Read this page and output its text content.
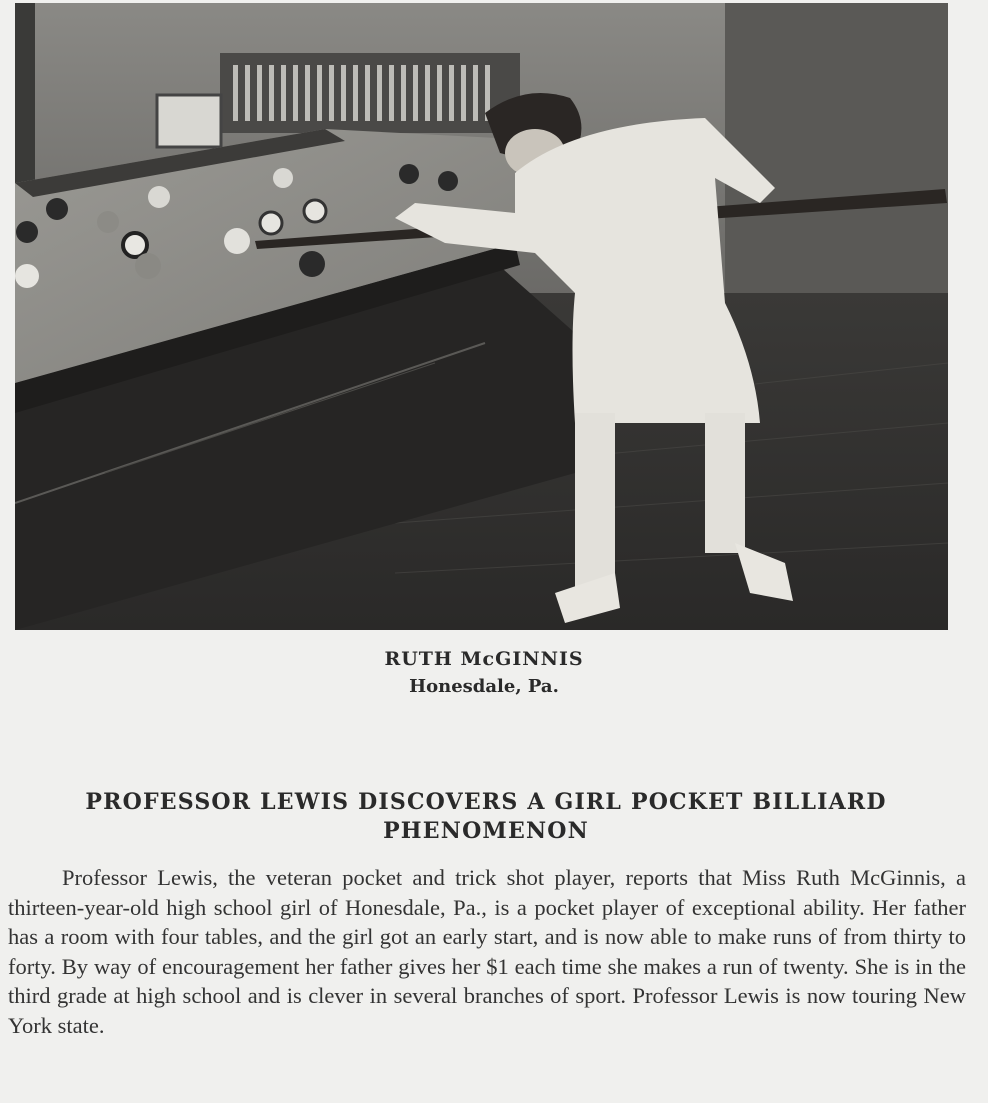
RUTH McGINNIS
Honesdale, Pa.
PROFESSOR LEWIS DISCOVERS A GIRL POCKET BILLIARD PHENOMENON

Professor Lewis, the veteran pocket and trick shot player, reports that Miss Ruth McGinnis, a thirteen-year-old high school girl of Honesdale, Pa., is a pocket player of exceptional ability. Her father has a room with four tables, and the girl got an early start, and is now able to make runs of from thirty to forty. By way of encouragement her father gives her $1 each time she makes a run of twenty. She is in the third grade at high school and is clever in several branches of sport. Professor Lewis is now touring New York state.
